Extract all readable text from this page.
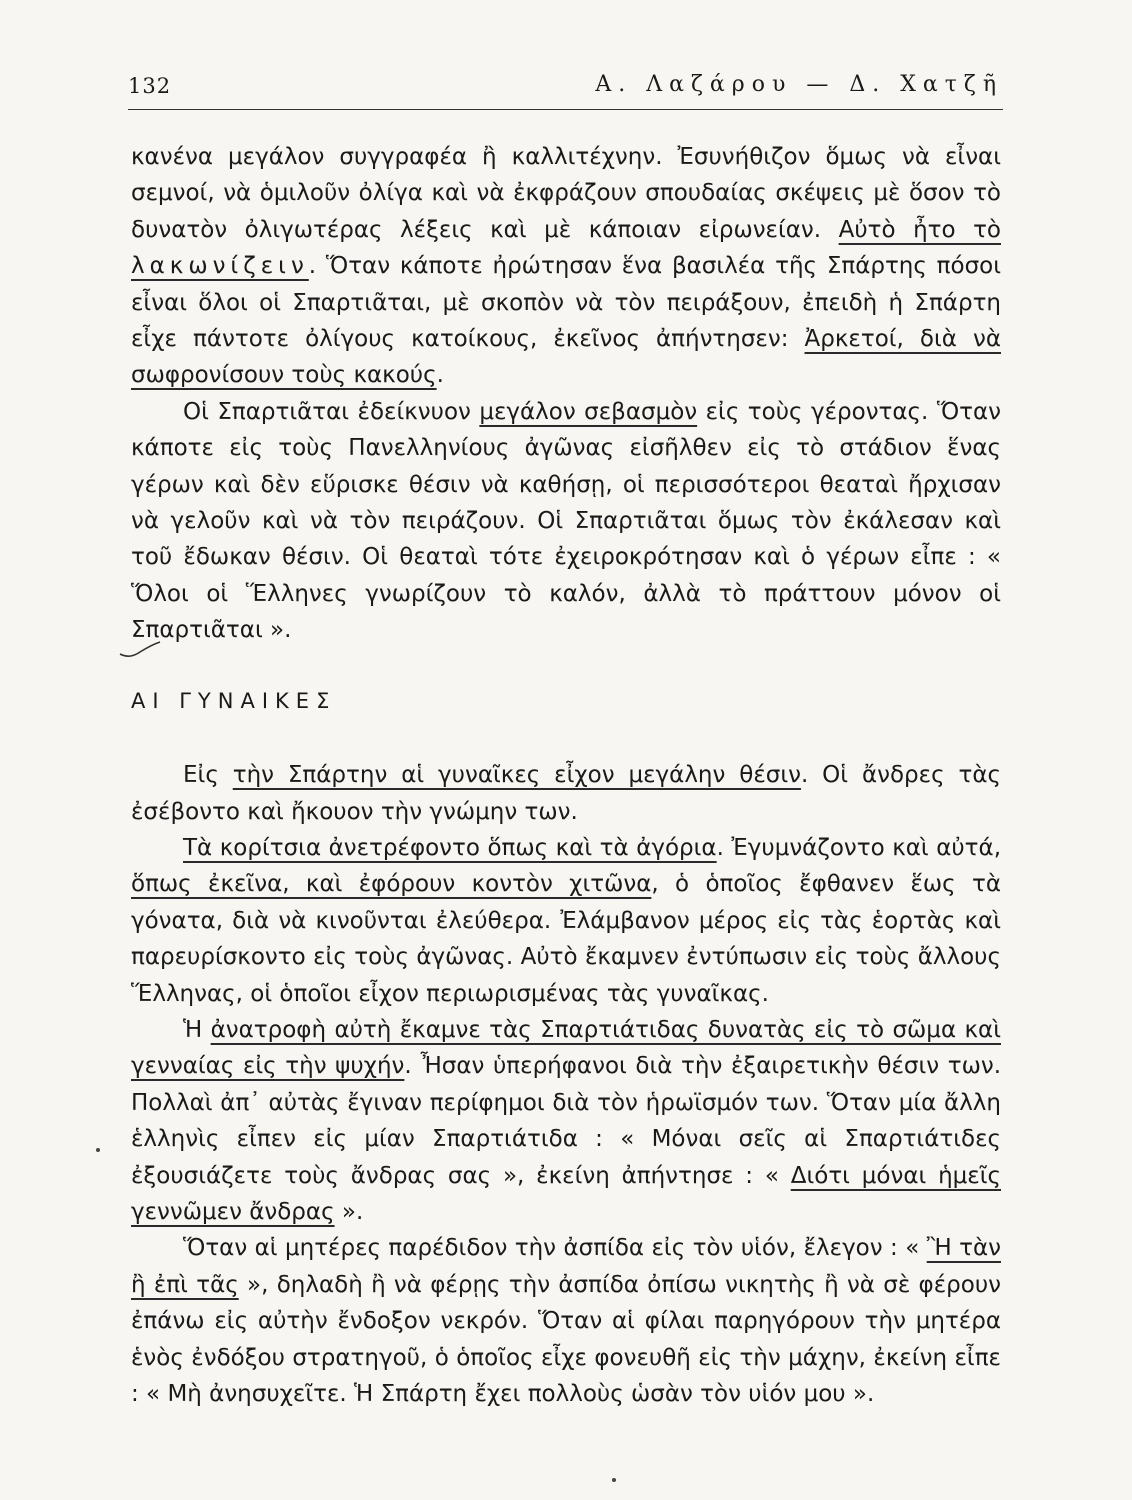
132	Α. Λαζάρου — Δ. Χατζῆ

κανένα μεγάλον συγγραφέα ἢ καλλιτέχνην. Ἐσυνήθιζον ὅμως νὰ εἶναι σεμνοί, νὰ ὁμιλοῦν ὀλίγα καὶ νὰ ἐκφράζουν σπουδαίας σκέψεις μὲ ὅσον τὸ δυνατὸν ὀλιγωτέρας λέξεις καὶ μὲ κάποιαν εἰρωνείαν. Αὐτὸ ἦτο τὸ λακωνίζειν. Ὅταν κάποτε ἠρώτησαν ἕνα βασιλέα τῆς Σπάρτης πόσοι εἶναι ὅλοι οἱ Σπαρτιᾶται, μὲ σκοπὸν νὰ τὸν πειράξουν, ἐπειδὴ ἡ Σπάρτη εἶχε πάντοτε ὀλίγους κατοίκους, ἐκεῖνος ἀπήντησεν: Ἀρκετοί, διὰ νὰ σωφρονίσουν τοὺς κακούς.

Οἱ Σπαρτιᾶται ἐδείκνυον μεγάλον σεβασμὸν εἰς τοὺς γέροντας. Ὅταν κάποτε εἰς τοὺς Πανελληνίους ἀγῶνας εἰσῆλθεν εἰς τὸ στάδιον ἕνας γέρων καὶ δὲν εὕρισκε θέσιν νὰ καθήσῃ, οἱ περισσότεροι θεαταὶ ἤρχισαν νὰ γελοῦν καὶ νὰ τὸν πειράζουν. Οἱ Σπαρτιᾶται ὅμως τὸν ἐκάλεσαν καὶ τοῦ ἔδωκαν θέσιν. Οἱ θεαταὶ τότε ἐχειροκρότησαν καὶ ὁ γέρων εἶπε : « Ὅλοι οἱ Ἕλληνες γνωρίζουν τὸ καλόν, ἀλλὰ τὸ πράττουν μόνον οἱ Σπαρτιᾶται ».

ΑΙ ΓΥΝΑΙΚΕΣ

Εἰς τὴν Σπάρτην αἱ γυναῖκες εἶχον μεγάλην θέσιν. Οἱ ἄνδρες τὰς ἐσέβοντο καὶ ἤκουον τὴν γνώμην των.

Τὰ κορίτσια ἀνετρέφοντο ὅπως καὶ τὰ ἀγόρια. Ἐγυμνάζοντο καὶ αὐτά, ὅπως ἐκεῖνα, καὶ ἐφόρουν κοντὸν χιτῶνα, ὁ ὁποῖος ἔφθανεν ἕως τὰ γόνατα, διὰ νὰ κινοῦνται ἐλεύθερα. Ἐλάμβανον μέρος εἰς τὰς ἑορτὰς καὶ παρευρίσκοντο εἰς τοὺς ἀγῶνας. Αὐτὸ ἔκαμνεν ἐντύπωσιν εἰς τοὺς ἄλλους Ἕλληνας, οἱ ὁποῖοι εἶχον περιωρισμένας τὰς γυναῖκας.

Ἡ ἀνατροφὴ αὐτὴ ἔκαμνε τὰς Σπαρτιάτιδας δυνατὰς εἰς τὸ σῶμα καὶ γενναίας εἰς τὴν ψυχήν. Ἦσαν ὑπερήφανοι διὰ τὴν ἐξαιρετικὴν θέσιν των. Πολλαὶ ἀπ᾿ αὐτὰς ἔγιναν περίφημοι διὰ τὸν ἡρωϊσμόν των. Ὅταν μία ἄλλη ἑλληνὶς εἶπεν εἰς μίαν Σπαρτιάτιδα : « Μόναι σεῖς αἱ Σπαρτιάτιδες ἐξουσιάζετε τοὺς ἄνδρας σας », ἐκείνη ἀπήντησε : « Διότι μόναι ἡμεῖς γεννῶμεν ἄνδρας ».

Ὅταν αἱ μητέρες παρέδιδον τὴν ἀσπίδα εἰς τὸν υἱόν, ἔλεγον : « Ἢ τὰν ἢ ἐπὶ τᾶς », δηλαδὴ ἢ νὰ φέρῃς τὴν ἀσπίδα ὀπίσω νικητὴς ἢ νὰ σὲ φέρουν ἐπάνω εἰς αὐτὴν ἔνδοξον νεκρόν. Ὅταν αἱ φίλαι παρηγόρουν τὴν μητέρα ἑνὸς ἐνδόξου στρατηγοῦ, ὁ ὁποῖος εἶχε φονευθῆ εἰς τὴν μάχην, ἐκείνη εἶπε : « Μὴ ἀνησυχεῖτε. Ἡ Σπάρτη ἔχει πολλοὺς ὡσὰν τὸν υἱόν μου ».
